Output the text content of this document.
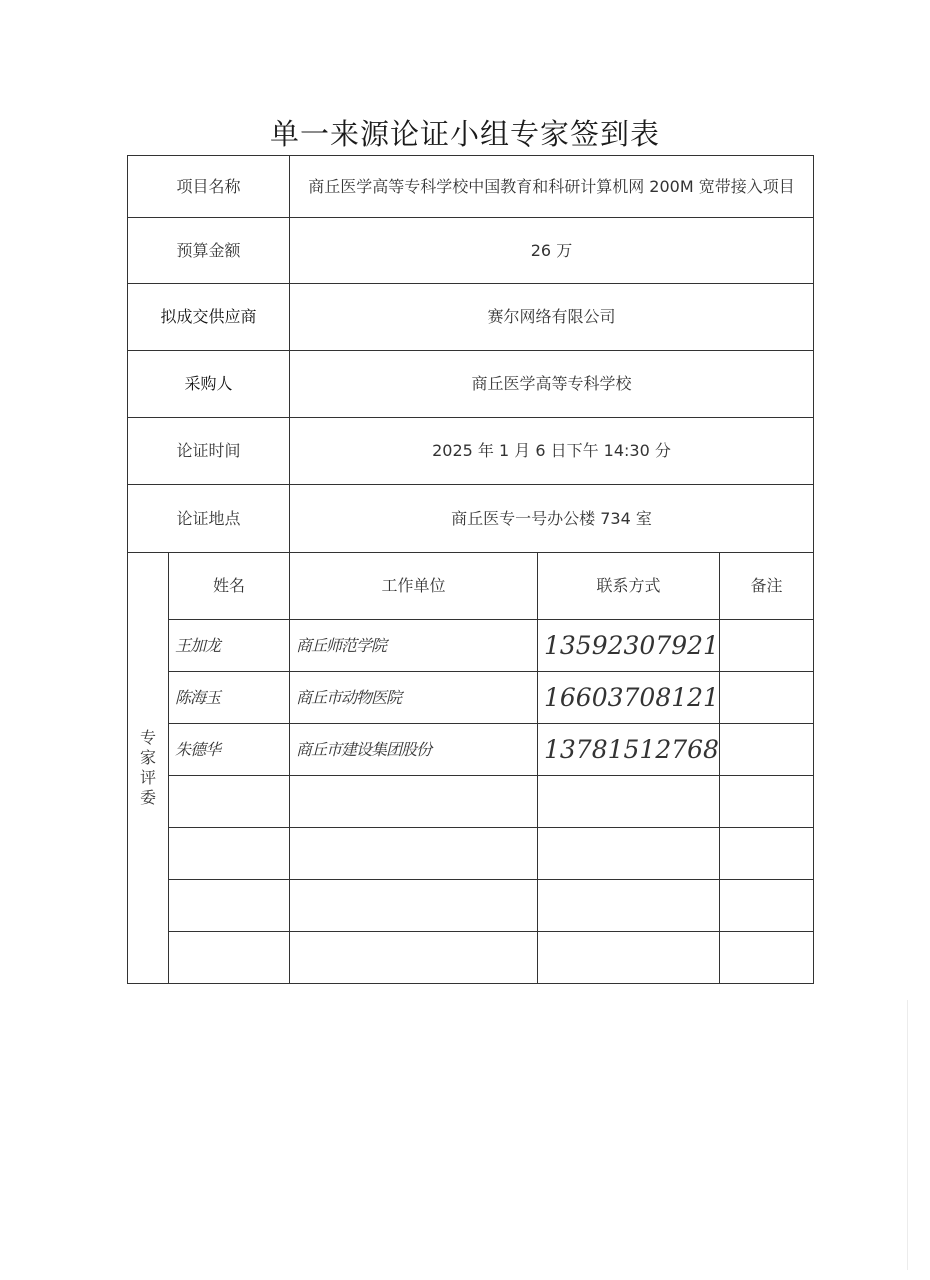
单一来源论证小组专家签到表
项目名称		商丘医学高等专科学校中国教育和科研计算机网 200M 宽带接入项目		
预算金额		26 万		
拟成交供应商		赛尔网络有限公司		
采购人		商丘医学高等专科学校		
论证时间		2025 年 1 月 6 日下午 14:30 分		
论证地点		商丘医专一号办公楼 734 室		

专
家
评
委	姓名	工作单位	联系方式	备注
	王加龙	商丘师范学院	13592307921	
	陈海玉	商丘市动物医院	16603708121	
	朱德华	商丘市建设集团股份	13781512768	
